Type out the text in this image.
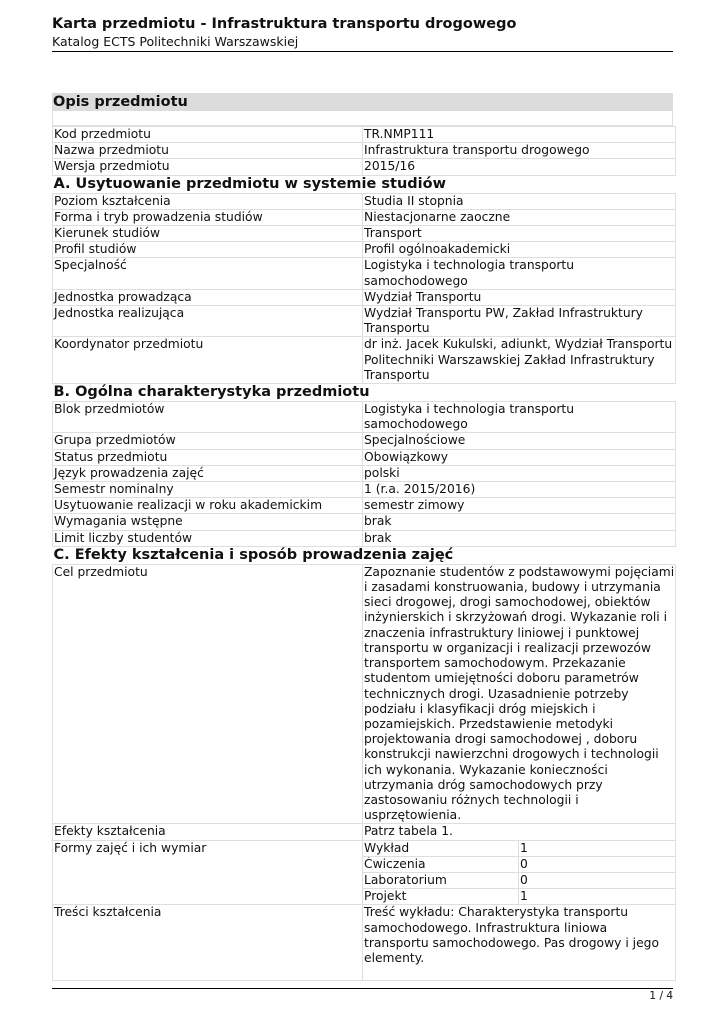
Karta przedmiotu - Infrastruktura transportu drogowego
Katalog ECTS Politechniki Warszawskiej
Opis przedmiotu
Kod przedmiotu	TR.NMP111
Nazwa przedmiotu	Infrastruktura transportu drogowego
Wersja przedmiotu	2015/16
A. Usytuowanie przedmiotu w systemie studiów
Poziom kształcenia	Studia II stopnia
Forma i tryb prowadzenia studiów	Niestacjonarne zaoczne
Kierunek studiów	Transport
Profil studiów	Profil ogólnoakademicki
Specjalność	Logistyka i technologia transportu samochodowego
Jednostka prowadząca	Wydział Transportu
Jednostka realizująca	Wydział Transportu PW, Zakład Infrastruktury Transportu
Koordynator przedmiotu	dr inż. Jacek Kukulski, adiunkt, Wydział Transportu Politechniki Warszawskiej Zakład Infrastruktury Transportu
B. Ogólna charakterystyka przedmiotu
Blok przedmiotów	Logistyka i technologia transportu samochodowego
Grupa przedmiotów	Specjalnościowe
Status przedmiotu	Obowiązkowy
Język prowadzenia zajęć	polski
Semestr nominalny	1 (r.a. 2015/2016)
Usytuowanie realizacji w roku akademickim	semestr zimowy
Wymagania wstępne	brak
Limit liczby studentów	brak
C. Efekty kształcenia i sposób prowadzenia zajęć
Cel przedmiotu	Zapoznanie studentów z podstawowymi pojęciami i zasadami konstruowania, budowy i utrzymania sieci drogowej, drogi samochodowej, obiektów inżynierskich i skrzyżowań drogi. Wykazanie roli i znaczenia infrastruktury liniowej i punktowej transportu w organizacji i realizacji przewozów transportem samochodowym. Przekazanie studentom umiejętności doboru parametrów technicznych drogi. Uzasadnienie potrzeby podziału i klasyfikacji dróg miejskich i pozamiejskich. Przedstawienie metodyki projektowania drogi samochodowej , doboru konstrukcji nawierzchni drogowych i technologii ich wykonania. Wykazanie konieczności utrzymania dróg samochodowych przy zastosowaniu różnych technologii i usprzętowienia.
Efekty kształcenia	Patrz tabela 1.
Formy zajęć i ich wymiar		Wykład	1
Ćwiczenia	0
Laboratorium	0
Projekt	1

Treści kształcenia	Treść wykładu: Charakterystyka transportu samochodowego. Infrastruktura liniowa transportu samochodowego. Pas drogowy i jego elementy.
1 / 4
